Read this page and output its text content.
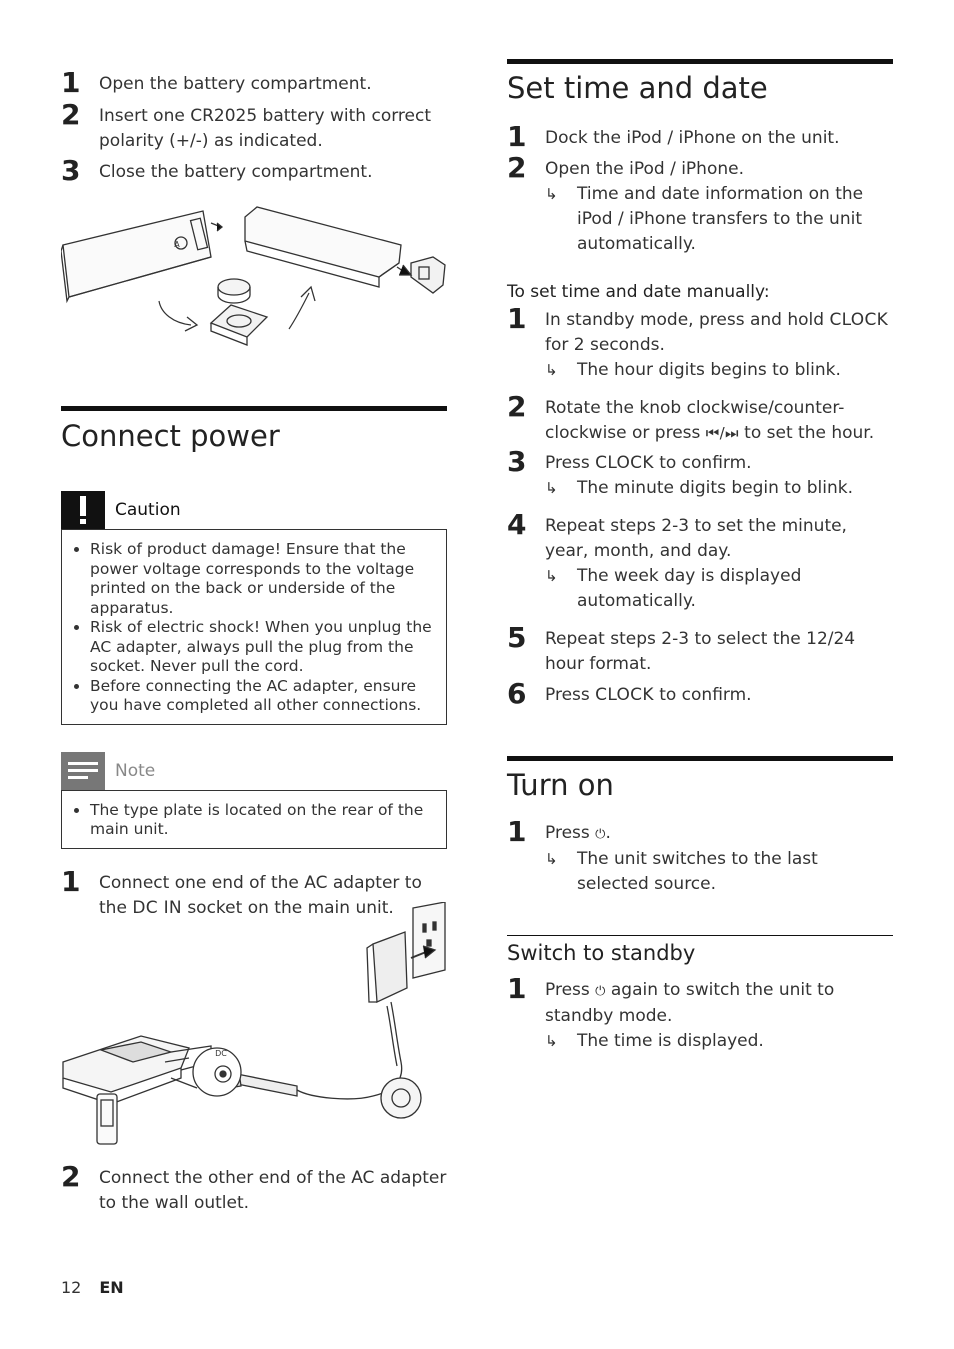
1 Open the battery compartment.
2 Insert one CR2025 battery with correct polarity (+/-) as indicated.
3 Close the battery compartment.
A
Connect power
Caution
• Risk of product damage! Ensure that the power voltage corresponds to the voltage printed on the back or underside of the apparatus.
• Risk of electric shock! When you unplug the AC adapter, always pull the plug from the socket. Never pull the cord.
• Before connecting the AC adapter, ensure you have completed all other connections.
Note
• The type plate is located on the rear of the main unit.
1 Connect one end of the AC adapter to the DC IN socket on the main unit.
DC
2 Connect the other end of the AC adapter to the wall outlet.
Set time and date
1 Dock the iPod / iPhone on the unit.
2 Open the iPod / iPhone.
↳ Time and date information on the iPod / iPhone transfers to the unit automatically.
To set time and date manually:
1 In standby mode, press and hold CLOCK for 2 seconds.
↳ The hour digits begins to blink.
2 Rotate the knob clockwise/counter-clockwise or press ⏮/⏭ to set the hour.
3 Press CLOCK to confirm.
↳ The minute digits begin to blink.
4 Repeat steps 2-3 to set the minute, year, month, and day.
↳ The week day is displayed automatically.
5 Repeat steps 2-3 to select the 12/24 hour format.
6 Press CLOCK to confirm.
Turn on
1 Press ⏻.
↳ The unit switches to the last selected source.
Switch to standby
1 Press ⏻ again to switch the unit to standby mode.
↳ The time is displayed.
12 EN
